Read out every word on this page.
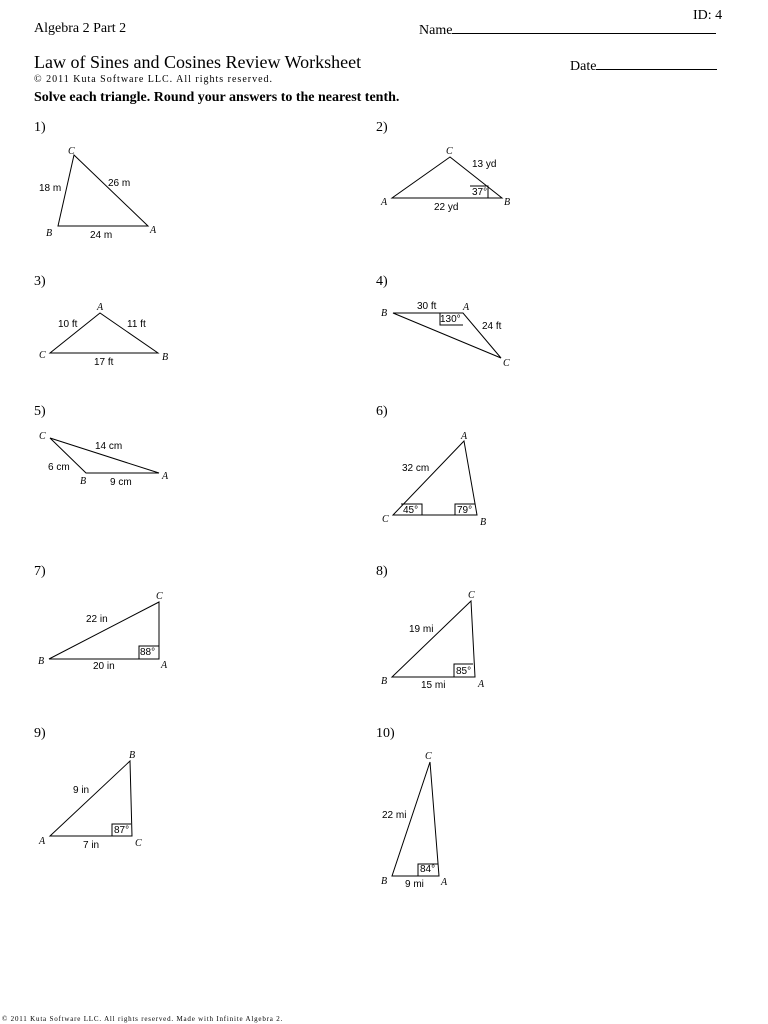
Algebra 2 Part 2
ID: 4
Name
Law of Sines and Cosines Review Worksheet	Date
© 2011 Kuta Software LLC. All rights reserved.
Solve each triangle. Round your answers to the nearest tenth.
1)
C
B	A
18 m	26 m
24 m
2)
C
A	B
13 yd
37°
22 yd
3)
A
C	B
10 ft	11 ft
17 ft
4)
B
A
C
30 ft
130°
24 ft
5)
C
B	A
14 cm
6 cm
9 cm
6)
A
C	B
32 cm
45°	79°
7)
C
B	A
22 in
88°
20 in
8)
C
B	A
19 mi
85°
15 mi
9)
B
A	C
9 in
87°
7 in
10)
C
B	A
22 mi
84°
9 mi
© 2011 Kuta Software LLC. All rights reserved. Made with Infinite Algebra 2.
